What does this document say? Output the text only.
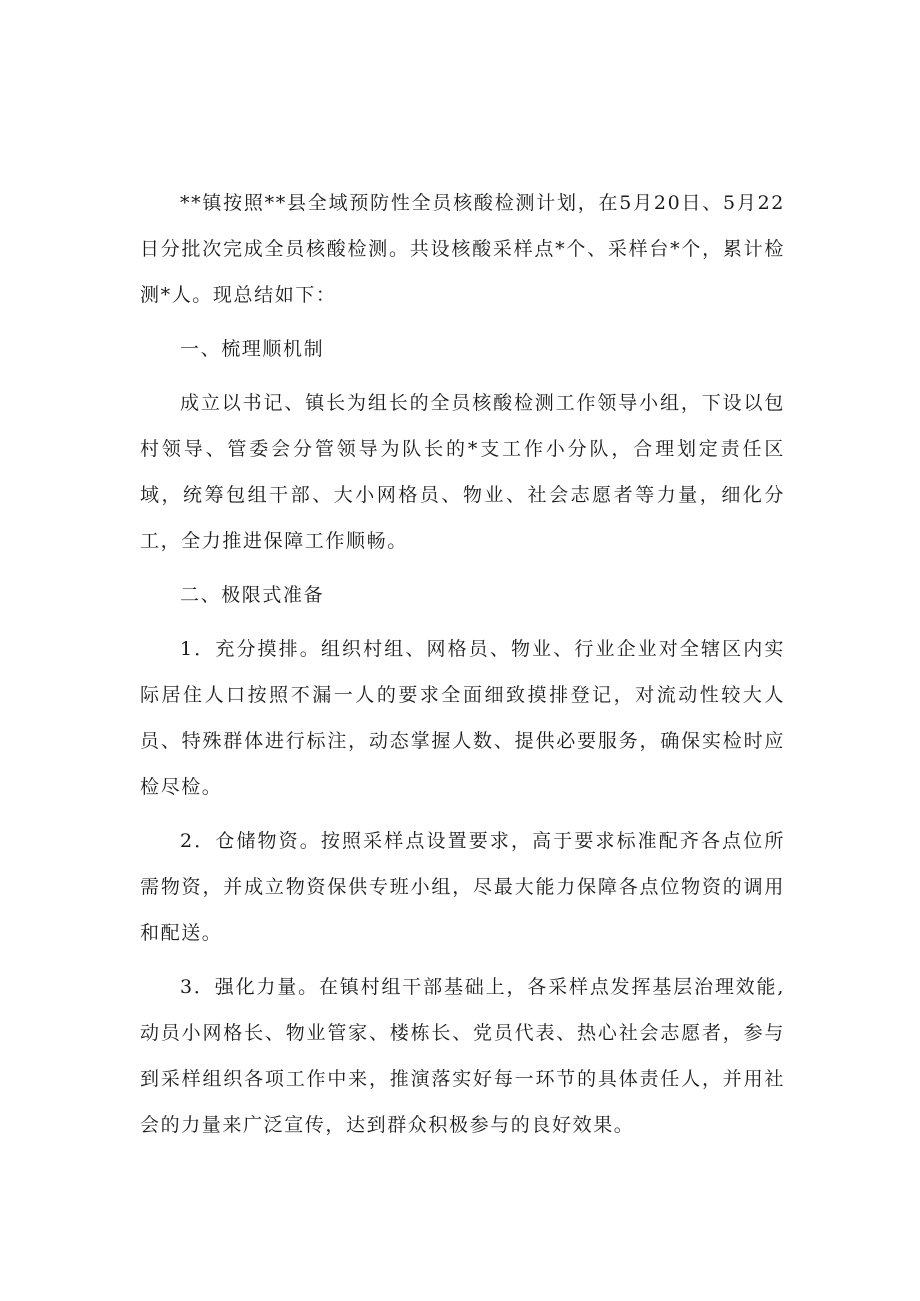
**镇按照**县全域预防性全员核酸检测计划，在5月20日、5月22日分批次完成全员核酸检测。共设核酸采样点*个、采样台*个，累计检测*人。现总结如下：

一、梳理顺机制

成立以书记、镇长为组长的全员核酸检测工作领导小组，下设以包村领导、管委会分管领导为队长的*支工作小分队，合理划定责任区域，统筹包组干部、大小网格员、物业、社会志愿者等力量，细化分工，全力推进保障工作顺畅。

二、极限式准备

1．充分摸排。组织村组、网格员、物业、行业企业对全辖区内实际居住人口按照不漏一人的要求全面细致摸排登记，对流动性较大人员、特殊群体进行标注，动态掌握人数、提供必要服务，确保实检时应检尽检。

2．仓储物资。按照采样点设置要求，高于要求标准配齐各点位所需物资，并成立物资保供专班小组，尽最大能力保障各点位物资的调用和配送。

3．强化力量。在镇村组干部基础上，各采样点发挥基层治理效能,动员小网格长、物业管家、楼栋长、党员代表、热心社会志愿者，参与到采样组织各项工作中来，推演落实好每一环节的具体责任人，并用社会的力量来广泛宣传，达到群众积极参与的良好效果。
